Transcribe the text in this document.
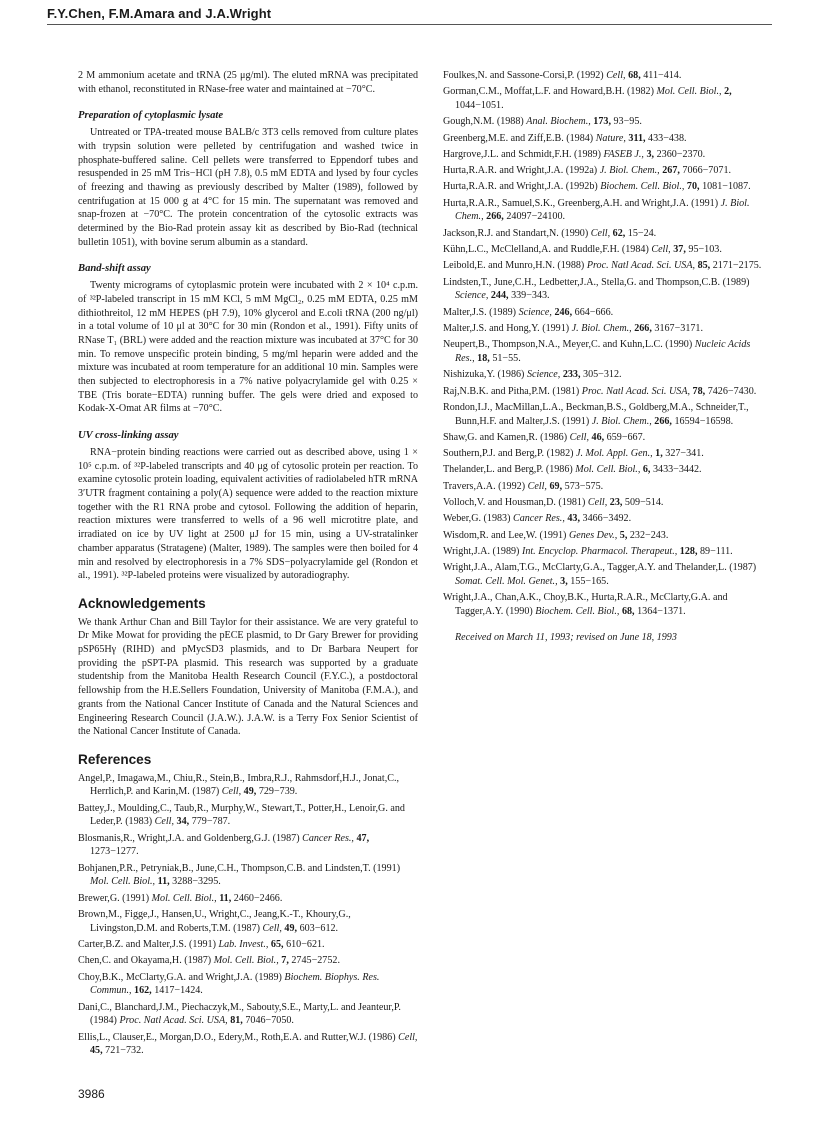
F.Y.Chen, F.M.Amara and J.A.Wright

2 M ammonium acetate and tRNA (25 μg/ml). The eluted mRNA was precipitated with ethanol, reconstituted in RNase-free water and maintained at −70°C.

Preparation of cytoplasmic lysate

Untreated or TPA-treated mouse BALB/c 3T3 cells removed from culture plates with trypsin solution were pelleted by centrifugation and washed twice in phosphate-buffered saline. Cell pellets were transferred to Eppendorf tubes and resuspended in 25 mM Tris−HCl (pH 7.8), 0.5 mM EDTA and lysed by four cycles of freezing and thawing as previously described by Malter (1989), followed by centrifugation at 15 000 g at 4°C for 15 min. The supernatant was removed and snap-frozen at −70°C. The protein concentration of the cytosolic extracts was determined by the Bio-Rad protein assay kit as described by Bio-Rad (technical bulletin 1051), with bovine serum albumin as a standard.

Band-shift assay

Twenty micrograms of cytoplasmic protein were incubated with 2 × 10⁴ c.p.m. of ³²P-labeled transcript in 15 mM KCl, 5 mM MgCl₂, 0.25 mM EDTA, 0.25 mM dithiothreitol, 12 mM HEPES (pH 7.9), 10% glycerol and E.coli tRNA (200 ng/μl) in a total volume of 10 μl at 30°C for 30 min (Rondon et al., 1991). Fifty units of RNase T₁ (BRL) were added and the reaction mixture was incubated at 37°C for 30 min. To remove unspecific protein binding, 5 mg/ml heparin were added and the mixture was incubated at room temperature for an additional 10 min. Samples were then subjected to electrophoresis in a 7% native polyacrylamide gel with 0.25 × TBE (Tris borate−EDTA) running buffer. The gels were dried and exposed to Kodak-X-Omat AR films at −70°C.

UV cross-linking assay

RNA−protein binding reactions were carried out as described above, using 1 × 10⁵ c.p.m. of ³²P-labeled transcripts and 40 μg of cytosolic protein per reaction. To examine cytosolic protein loading, equivalent activities of radiolabeled hTR mRNA 3′UTR fragment containing a poly(A) sequence were added to the reaction mixture together with the R1 RNA probe and cytosol. Following the addition of heparin, reaction mixtures were transferred to wells of a 96 well microtitre plate, and irradiated on ice by UV light at 2500 μJ for 15 min, using a UV-stratalinker chamber apparatus (Stratagene) (Malter, 1989). The samples were then boiled for 4 min and resolved by electrophoresis in a 7% SDS−polyacrylamide gel (Rondon et al., 1991). ³²P-labeled proteins were visualized by autoradiography.

Acknowledgements

We thank Arthur Chan and Bill Taylor for their assistance. We are very grateful to Dr Mike Mowat for providing the pECE plasmid, to Dr Gary Brewer for providing pSP65Hγ (RIHD) and pMycSD3 plasmids, and to Dr Barbara Neupert for providing the pSPT-PA plasmid. This research was supported by a graduate studentship from the Manitoba Health Research Council (F.Y.C.), a postdoctoral fellowship from the H.E.Sellers Foundation, University of Manitoba (F.M.A.), and grants from the National Cancer Institute of Canada and the Natural Sciences and Engineering Research Council (J.A.W.). J.A.W. is a Terry Fox Senior Scientist of the National Cancer Institute of Canada.

References

Angel,P., Imagawa,M., Chiu,R., Stein,B., Imbra,R.J., Rahmsdorf,H.J., Jonat,C., Herrlich,P. and Karin,M. (1987) Cell, 49, 729−739.

Battey,J., Moulding,C., Taub,R., Murphy,W., Stewart,T., Potter,H., Lenoir,G. and Leder,P. (1983) Cell, 34, 779−787.

Blosmanis,R., Wright,J.A. and Goldenberg,G.J. (1987) Cancer Res., 47, 1273−1277.

Bohjanen,P.R., Petryniak,B., June,C.H., Thompson,C.B. and Lindsten,T. (1991) Mol. Cell. Biol., 11, 3288−3295.

Brewer,G. (1991) Mol. Cell. Biol., 11, 2460−2466.

Brown,M., Figge,J., Hansen,U., Wright,C., Jeang,K.-T., Khoury,G., Livingston,D.M. and Roberts,T.M. (1987) Cell, 49, 603−612.

Carter,B.Z. and Malter,J.S. (1991) Lab. Invest., 65, 610−621.

Chen,C. and Okayama,H. (1987) Mol. Cell. Biol., 7, 2745−2752.

Choy,B.K., McClarty,G.A. and Wright,J.A. (1989) Biochem. Biophys. Res. Commun., 162, 1417−1424.

Dani,C., Blanchard,J.M., Piechaczyk,M., Sabouty,S.E., Marty,L. and Jeanteur,P. (1984) Proc. Natl Acad. Sci. USA, 81, 7046−7050.

Ellis,L., Clauser,E., Morgan,D.O., Edery,M., Roth,E.A. and Rutter,W.J. (1986) Cell, 45, 721−732.

Foulkes,N. and Sassone-Corsi,P. (1992) Cell, 68, 411−414.

Gorman,C.M., Moffat,L.F. and Howard,B.H. (1982) Mol. Cell. Biol., 2, 1044−1051.

Gough,N.M. (1988) Anal. Biochem., 173, 93−95.

Greenberg,M.E. and Ziff,E.B. (1984) Nature, 311, 433−438.

Hargrove,J.L. and Schmidt,F.H. (1989) FASEB J., 3, 2360−2370.

Hurta,R.A.R. and Wright,J.A. (1992a) J. Biol. Chem., 267, 7066−7071.

Hurta,R.A.R. and Wright,J.A. (1992b) Biochem. Cell. Biol., 70, 1081−1087.

Hurta,R.A.R., Samuel,S.K., Greenberg,A.H. and Wright,J.A. (1991) J. Biol. Chem., 266, 24097−24100.

Jackson,R.J. and Standart,N. (1990) Cell, 62, 15−24.

Kühn,L.C., McClelland,A. and Ruddle,F.H. (1984) Cell, 37, 95−103.

Leibold,E. and Munro,H.N. (1988) Proc. Natl Acad. Sci. USA, 85, 2171−2175.

Lindsten,T., June,C.H., Ledbetter,J.A., Stella,G. and Thompson,C.B. (1989) Science, 244, 339−343.

Malter,J.S. (1989) Science, 246, 664−666.

Malter,J.S. and Hong,Y. (1991) J. Biol. Chem., 266, 3167−3171.

Neupert,B., Thompson,N.A., Meyer,C. and Kuhn,L.C. (1990) Nucleic Acids Res., 18, 51−55.

Nishizuka,Y. (1986) Science, 233, 305−312.

Raj,N.B.K. and Pitha,P.M. (1981) Proc. Natl Acad. Sci. USA, 78, 7426−7430.

Rondon,I.J., MacMillan,L.A., Beckman,B.S., Goldberg,M.A., Schneider,T., Bunn,H.F. and Malter,J.S. (1991) J. Biol. Chem., 266, 16594−16598.

Shaw,G. and Kamen,R. (1986) Cell, 46, 659−667.

Southern,P.J. and Berg,P. (1982) J. Mol. Appl. Gen., 1, 327−341.

Thelander,L. and Berg,P. (1986) Mol. Cell. Biol., 6, 3433−3442.

Travers,A.A. (1992) Cell, 69, 573−575.

Volloch,V. and Housman,D. (1981) Cell, 23, 509−514.

Weber,G. (1983) Cancer Res., 43, 3466−3492.

Wisdom,R. and Lee,W. (1991) Genes Dev., 5, 232−243.

Wright,J.A. (1989) Int. Encyclop. Pharmacol. Therapeut., 128, 89−111.

Wright,J.A., Alam,T.G., McClarty,G.A., Tagger,A.Y. and Thelander,L. (1987) Somat. Cell. Mol. Genet., 3, 155−165.

Wright,J.A., Chan,A.K., Choy,B.K., Hurta,R.A.R., McClarty,G.A. and Tagger,A.Y. (1990) Biochem. Cell. Biol., 68, 1364−1371.

Received on March 11, 1993; revised on June 18, 1993

3986
